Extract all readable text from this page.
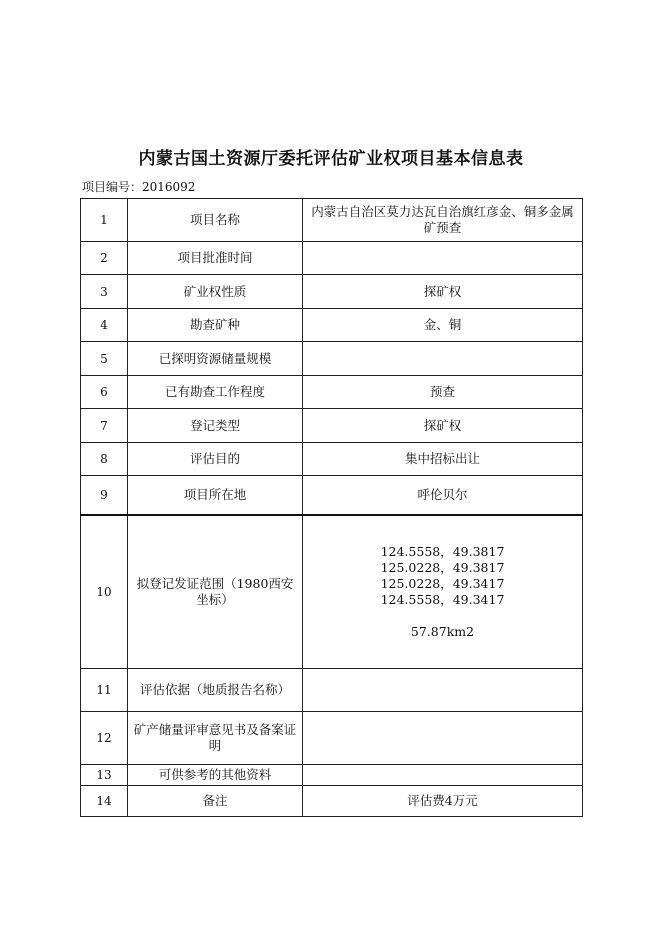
内蒙古国土资源厅委托评估矿业权项目基本信息表
项目编号：2016092
1	项目名称	内蒙古自治区莫力达瓦自治旗红彦金、铜多金属矿预查
2	项目批准时间	
3	矿业权性质	探矿权
4	勘查矿种	金、铜
5	已探明资源储量规模	
6	已有勘查工作程度	预查
7	登记类型	探矿权
8	评估目的	集中招标出让
9	项目所在地	呼伦贝尔
10	拟登记发证范围（1980西安坐标）	124.5558，49.3817
125.0228，49.3817
125.0228，49.3417
124.5558，49.3417
57.87km2

11	评估依据（地质报告名称）	
12	矿产储量评审意见书及备案证明	
13	可供参考的其他资料	
14	备注	评估费4万元
